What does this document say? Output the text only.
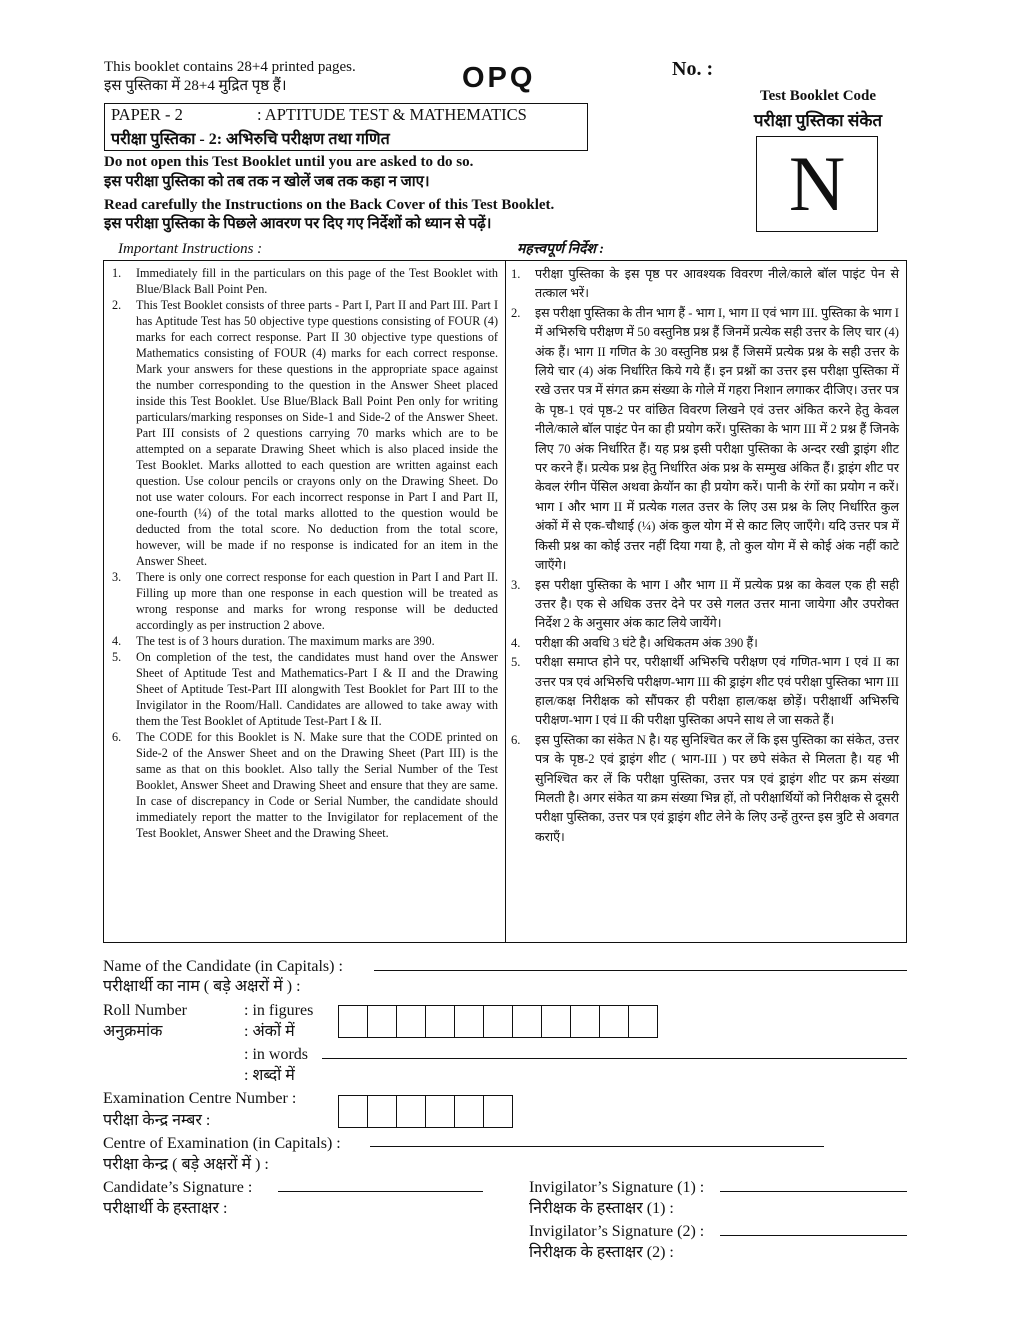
This booklet contains 28+4 printed pages.
इस पुस्तिका में 28+4 मुद्रित पृष्ठ हैं।	OPQ	No. :
Test Booklet Code
परीक्षा पुस्तिका संकेत
N
PAPER - 2	: APTITUDE TEST & MATHEMATICS
परीक्षा पुस्तिका - 2: अभिरुचि परीक्षण तथा गणित
Do not open this Test Booklet until you are asked to do so.
इस परीक्षा पुस्तिका को तब तक न खोलें जब तक कहा न जाए।
Read carefully the Instructions on the Back Cover of this Test Booklet.
इस परीक्षा पुस्तिका के पिछले आवरण पर दिए गए निर्देशों को ध्यान से पढ़ें।
Important Instructions :	महत्त्वपूर्ण निर्देश :
1.	Immediately fill in the particulars on this page of the Test Booklet with Blue/Black Ball Point Pen.
2.	This Test Booklet consists of three parts - Part I, Part II and Part III. Part I has Aptitude Test has 50 objective type questions consisting of FOUR (4) marks for each correct response. Part II 30 objective type questions of Mathematics consisting of FOUR (4) marks for each correct response. Mark your answers for these questions in the appropriate space against the number corresponding to the question in the Answer Sheet placed inside this Test Booklet. Use Blue/Black Ball Point Pen only for writing particulars/marking responses on Side-1 and Side-2 of the Answer Sheet. Part III consists of 2 questions carrying 70 marks which are to be attempted on a separate Drawing Sheet which is also placed inside the Test Booklet. Marks allotted to each question are written against each question. Use colour pencils or crayons only on the Drawing Sheet. Do not use water colours. For each incorrect response in Part I and Part II, one-fourth (¼) of the total marks allotted to the question would be deducted from the total score. No deduction from the total score, however, will be made if no response is indicated for an item in the Answer Sheet.
3.	There is only one correct response for each question in Part I and Part II. Filling up more than one response in each question will be treated as wrong response and marks for wrong response will be deducted accordingly as per instruction 2 above.
4.	The test is of 3 hours duration. The maximum marks are 390.
5.	On completion of the test, the candidates must hand over the Answer Sheet of Aptitude Test and Mathematics-Part I & II and the Drawing Sheet of Aptitude Test-Part III alongwith Test Booklet for Part III to the Invigilator in the Room/Hall. Candidates are allowed to take away with them the Test Booklet of Aptitude Test-Part I & II.
6.	The CODE for this Booklet is N. Make sure that the CODE printed on Side-2 of the Answer Sheet and on the Drawing Sheet (Part III) is the same as that on this booklet. Also tally the Serial Number of the Test Booklet, Answer Sheet and Drawing Sheet and ensure that they are same. In case of discrepancy in Code or Serial Number, the candidate should immediately report the matter to the Invigilator for replacement of the Test Booklet, Answer Sheet and the Drawing Sheet.
1.	परीक्षा पुस्तिका के इस पृष्ठ पर आवश्यक विवरण नीले/काले बॉल पाइंट पेन से तत्काल भरें।
2.	इस परीक्षा पुस्तिका के तीन भाग हैं - भाग I, भाग II एवं भाग III. पुस्तिका के भाग I में अभिरुचि परीक्षण में 50 वस्तुनिष्ठ प्रश्न हैं जिनमें प्रत्येक सही उत्तर के लिए चार (4) अंक हैं। भाग II गणित के 30 वस्तुनिष्ठ प्रश्न हैं जिसमें प्रत्येक प्रश्न के सही उत्तर के लिये चार (4) अंक निर्धारित किये गये हैं। इन प्रश्नों का उत्तर इस परीक्षा पुस्तिका में रखे उत्तर पत्र में संगत क्रम संख्या के गोले में गहरा निशान लगाकर दीजिए। उत्तर पत्र के पृष्ठ-1 एवं पृष्ठ-2 पर वांछित विवरण लिखने एवं उत्तर अंकित करने हेतु केवल नीले/काले बॉल पाइंट पेन का ही प्रयोग करें। पुस्तिका के भाग III में 2 प्रश्न हैं जिनके लिए 70 अंक निर्धारित हैं। यह प्रश्न इसी परीक्षा पुस्तिका के अन्दर रखी ड्राइंग शीट पर करने हैं। प्रत्येक प्रश्न हेतु निर्धारित अंक प्रश्न के सम्मुख अंकित हैं। ड्राइंग शीट पर केवल रंगीन पेंसिल अथवा क्रेयॉन का ही प्रयोग करें। पानी के रंगों का प्रयोग न करें। भाग I और भाग II में प्रत्येक गलत उत्तर के लिए उस प्रश्न के लिए निर्धारित कुल अंकों में से एक-चौथाई (¼) अंक कुल योग में से काट लिए जाएँगे। यदि उत्तर पत्र में किसी प्रश्न का कोई उत्तर नहीं दिया गया है, तो कुल योग में से कोई अंक नहीं काटे जाएँगे।
3.	इस परीक्षा पुस्तिका के भाग I और भाग II में प्रत्येक प्रश्न का केवल एक ही सही उत्तर है। एक से अधिक उत्तर देने पर उसे गलत उत्तर माना जायेगा और उपरोक्त निर्देश 2 के अनुसार अंक काट लिये जायेंगे।
4.	परीक्षा की अवधि 3 घंटे है। अधिकतम अंक 390 हैं।
5.	परीक्षा समाप्त होने पर, परीक्षार्थी अभिरुचि परीक्षण एवं गणित-भाग I एवं II का उत्तर पत्र एवं अभिरुचि परीक्षण-भाग III की ड्राइंग शीट एवं परीक्षा पुस्तिका भाग III हाल/कक्ष निरीक्षक को सौंपकर ही परीक्षा हाल/कक्ष छोड़ें। परीक्षार्थी अभिरुचि परीक्षण-भाग I एवं II की परीक्षा पुस्तिका अपने साथ ले जा सकते हैं।
6.	इस पुस्तिका का संकेत N है। यह सुनिश्चित कर लें कि इस पुस्तिका का संकेत, उत्तर पत्र के पृष्ठ-2 एवं ड्राइंग शीट ( भाग-III ) पर छपे संकेत से मिलता है। यह भी सुनिश्चित कर लें कि परीक्षा पुस्तिका, उत्तर पत्र एवं ड्राइंग शीट पर क्रम संख्या मिलती है। अगर संकेत या क्रम संख्या भिन्न हों, तो परीक्षार्थियों को निरीक्षक से दूसरी परीक्षा पुस्तिका, उत्तर पत्र एवं ड्राइंग शीट लेने के लिए उन्हें तुरन्त इस त्रुटि से अवगत कराएँ।
Name of the Candidate (in Capitals) :
परीक्षार्थी का नाम ( बड़े अक्षरों में ) :
Roll Number
अनुक्रमांक
: in figures
: अंकों में
: in words
: शब्दों में
Examination Centre Number :
परीक्षा केन्द्र नम्बर :
Centre of Examination (in Capitals) :
परीक्षा केन्द्र ( बड़े अक्षरों में ) :
Candidate’s Signature :
परीक्षार्थी के हस्ताक्षर :
Invigilator’s Signature (1) :
निरीक्षक के हस्ताक्षर (1) :
Invigilator’s Signature (2) :
निरीक्षक के हस्ताक्षर (2) :
